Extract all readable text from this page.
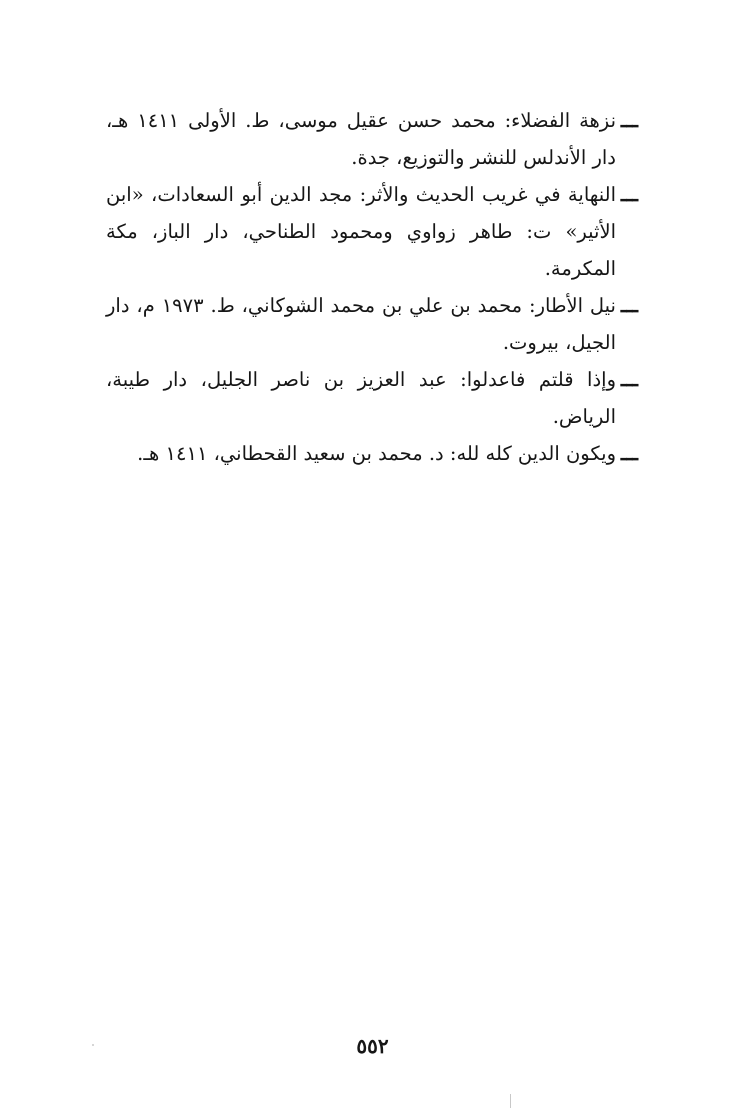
ـــ
نزهة الفضلاء: محمد حسن عقيل موسى، ط. الأولى ١٤١١ هـ، دار الأندلس للنشر والتوزيع، جدة.

ـــ
النهاية في غريب الحديث والأثر: مجد الدين أبو السعادات، «ابن الأثير» ت: طاهر زواوي ومحمود الطناحي، دار الباز، مكة المكرمة.

ـــ
نيل الأطار: محمد بن علي بن محمد الشوكاني، ط. ١٩٧٣ م، دار الجيل، بيروت.

ـــ
وإذا قلتم فاعدلوا: عبد العزيز بن ناصر الجليل، دار طيبة، الرياض.

ـــ
ويكون الدين كله لله: د. محمد بن سعيد القحطاني، ١٤١١ هـ.

٥٥٢
